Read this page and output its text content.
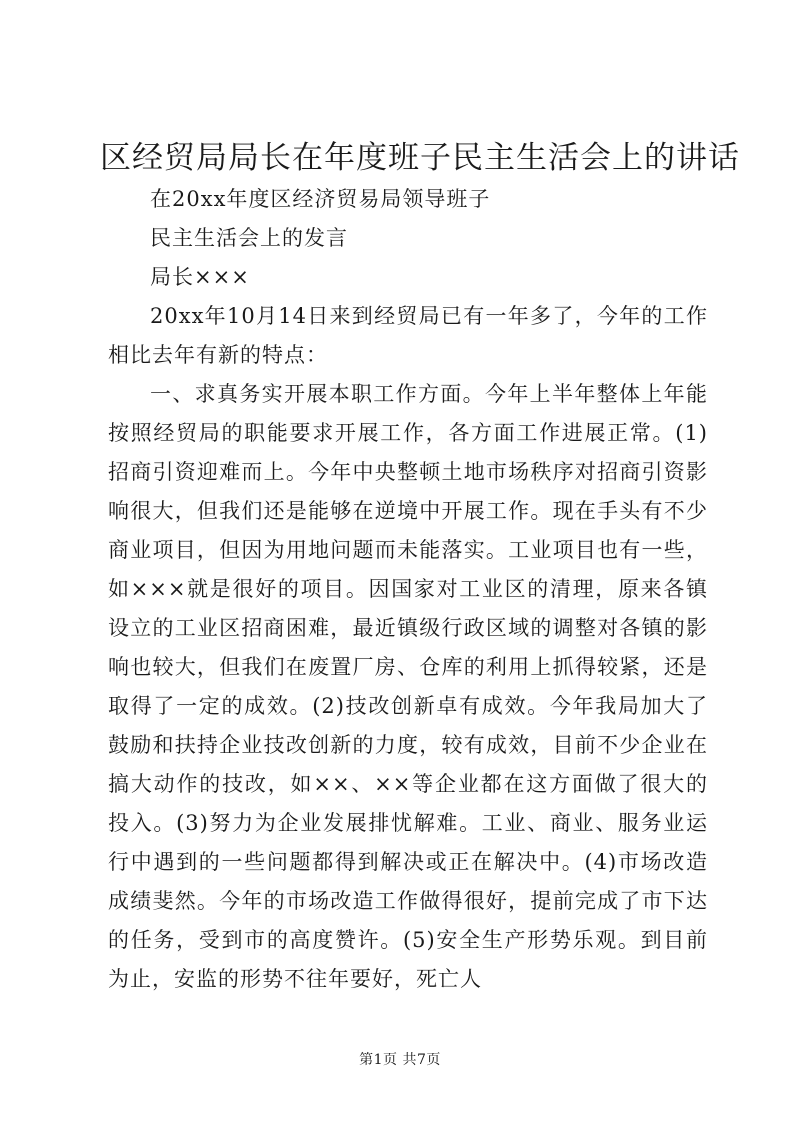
区经贸局局长在年度班子民主生活会上的讲话

在20xx年度区经济贸易局领导班子

民主生活会上的发言

局长×××

20xx年10月14日来到经贸局已有一年多了，今年的工作相比去年有新的特点：

一、求真务实开展本职工作方面。今年上半年整体上年能按照经贸局的职能要求开展工作，各方面工作进展正常。(1)招商引资迎难而上。今年中央整顿土地市场秩序对招商引资影响很大，但我们还是能够在逆境中开展工作。现在手头有不少商业项目，但因为用地问题而未能落实。工业项目也有一些，如×××就是很好的项目。因国家对工业区的清理，原来各镇设立的工业区招商困难，最近镇级行政区域的调整对各镇的影响也较大，但我们在废置厂房、仓库的利用上抓得较紧，还是取得了一定的成效。(2)技改创新卓有成效。今年我局加大了鼓励和扶持企业技改创新的力度，较有成效，目前不少企业在搞大动作的技改，如××、××等企业都在这方面做了很大的投入。(3)努力为企业发展排忧解难。工业、商业、服务业运行中遇到的一些问题都得到解决或正在解决中。(4)市场改造成绩斐然。今年的市场改造工作做得很好，提前完成了市下达的任务，受到市的高度赞许。(5)安全生产形势乐观。到目前为止，安监的形势不往年要好，死亡人

第1页 共7页
